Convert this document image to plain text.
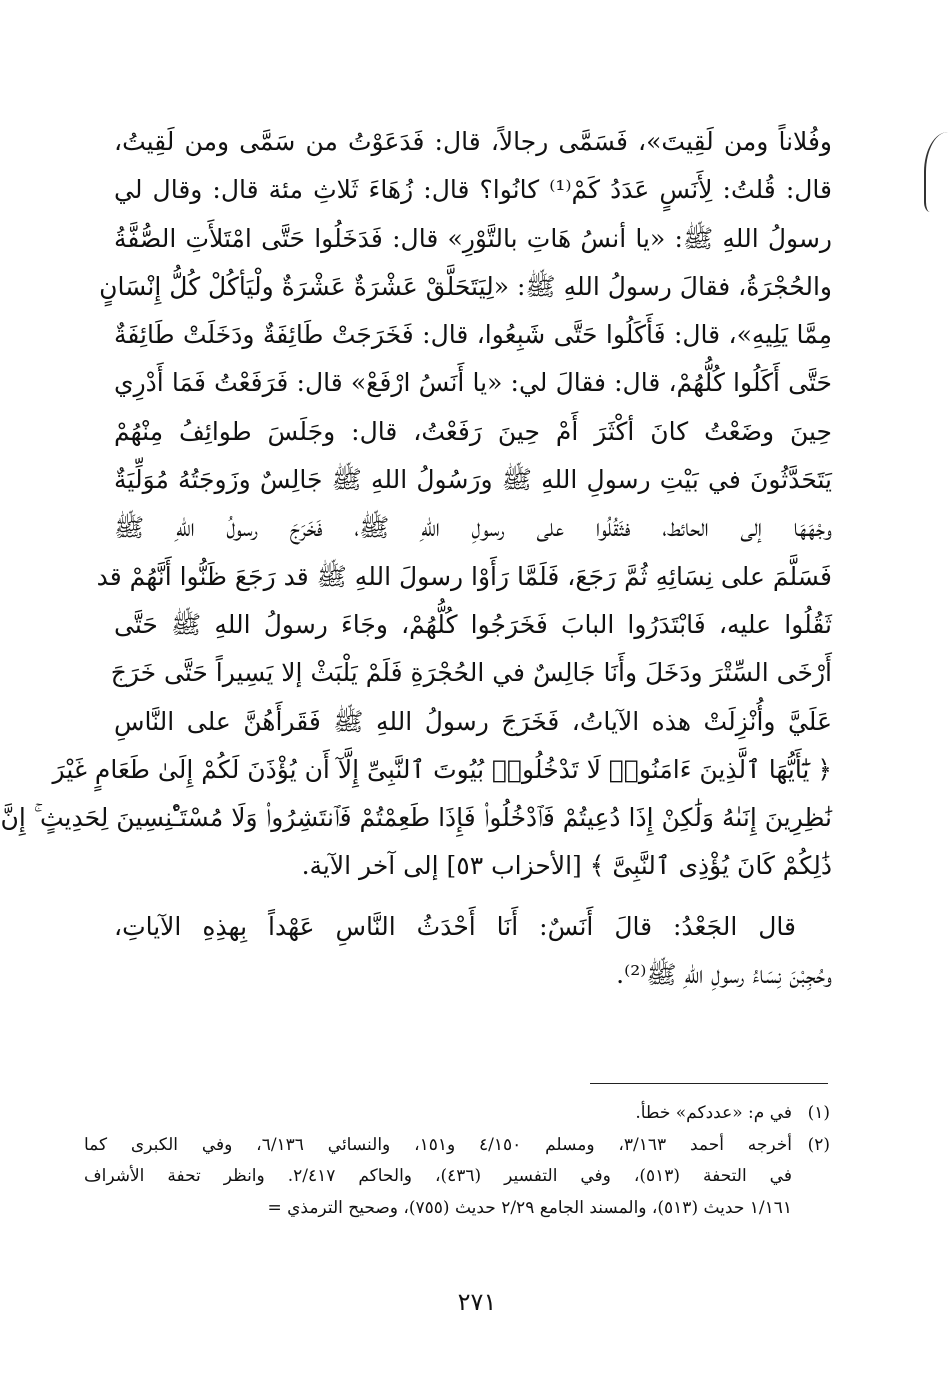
وفُلاناً ومن لَقِيتَ»، فَسَمَّى رجالاً، قال: فَدَعَوْتُ من سَمَّى ومن لَقِيتُ،
قال: قُلتُ: لِأَنَسٍ عَدَدُ كَمْ⁽¹⁾ كانُوا؟ قال: زُهَاءَ ثَلاثِ مئة قال: وقال لي
رسولُ اللهِ ﷺ: «يا أنسُ هَاتِ بالتَّوْرِ» قال: فَدَخَلُوا حَتَّى امْتَلأَتِ الصُّفَّةُ
والحُجْرَةُ، فقالَ رسولُ اللهِ ﷺ: «لِيَتَحَلَّقْ عَشْرَةٌ عَشْرَةٌ ولْيَأكُلْ كُلُّ إِنْسَانٍ
مِمَّا يَلِيهِ»، قال: فَأَكَلُوا حَتَّى شَبِعُوا، قال: فَخَرَجَتْ طَائِفَةٌ ودَخَلَتْ طَائِفَةٌ
حَتَّى أَكَلُوا كُلُّهُمْ، قال: فقالَ لي: «يا أَنَسُ ارْفَعْ» قال: فَرَفَعْتُ فَمَا أَدْرِي
حِينَ وضَعْتُ كانَ أكْثَرَ أَمْ حِينَ رَفَعْتُ، قال: وجَلَسَ طوائِفُ مِنْهُمْ
يَتَحَدَّثُونَ في بَيْتِ رسولِ اللهِ ﷺ ورَسُولُ اللهِ ﷺ جَالِسٌ وزَوجَتُهُ مُوَلِّيَةٌ
وجْهَهَا إلى الحائط، فثَقُلُوا على رسولِ اللهِ ﷺ، فَخَرَجَ رسولُ اللهِ ﷺ
فَسَلَّمَ على نِسَائِهِ ثُمَّ رَجَعَ، فَلَمَّا رَأَوْا رسولَ اللهِ ﷺ قد رَجَعَ ظَنُّوا أَنَّهُمْ قد
ثَقُلُوا عليه، فَابْتَدَرُوا البابَ فَخَرَجُوا كُلُّهُمْ، وجَاءَ رسولُ اللهِ ﷺ حَتَّى
أَرْخَى السِّتْرَ ودَخَلَ وأَنَا جَالِسٌ في الحُجْرَةِ فَلَمْ يَلْبَثْ إلا يَسِيراً حَتَّى خَرَجَ
عَلَيَّ وأُنْزِلَتْ هذه الآياتُ، فَخَرَجَ رسولُ اللهِ ﷺ فَقَرأَهُنَّ على النَّاسِ
﴿ يَٰٓأَيُّهَا ٱلَّذِينَ ءَامَنُوا۟ لَا تَدْخُلُوا۟ بُيُوتَ ٱلنَّبِىِّ إِلَّآ أَن يُؤْذَنَ لَكُمْ إِلَىٰ طَعَامٍ غَيْرَ
نَٰظِرِينَ إِنَىٰهُ وَلَٰكِنْ إِذَا دُعِيتُمْ فَٱدْخُلُوا۟ فَإِذَا طَعِمْتُمْ فَٱنتَشِرُوا۟ وَلَا مُسْتَـْٔنِسِينَ لِحَدِيثٍ ۚ إِنَّ
ذَٰلِكُمْ كَانَ يُؤْذِى ٱلنَّبِىَّ ﴾ [الأحزاب ٥٣] إلى آخر الآية.

قال الجَعْدُ: قالَ أَنَسٌ: أَنَا أَحْدَثُ النَّاسِ عَهْداً بِهذِهِ الآياتِ،
وحُجِبْنَ نِسَاءُ رسولِ اللهِ ﷺ⁽²⁾.

(١)
في م: «عددكم» خطأ.
(٢)
أخرجه أحمد ٣/١٦٣، ومسلم ٤/١٥٠ و١٥١، والنسائي ٦/١٣٦، وفي الكبرى كما
في التحفة (٥١٣)، وفي التفسير (٤٣٦)، والحاكم ٢/٤١٧. وانظر تحفة الأشراف
١/١٦١ حديث (٥١٣)، والمسند الجامع ٢/٢٩ حديث (٧٥٥)، وصحيح الترمذي =
٢٧١
